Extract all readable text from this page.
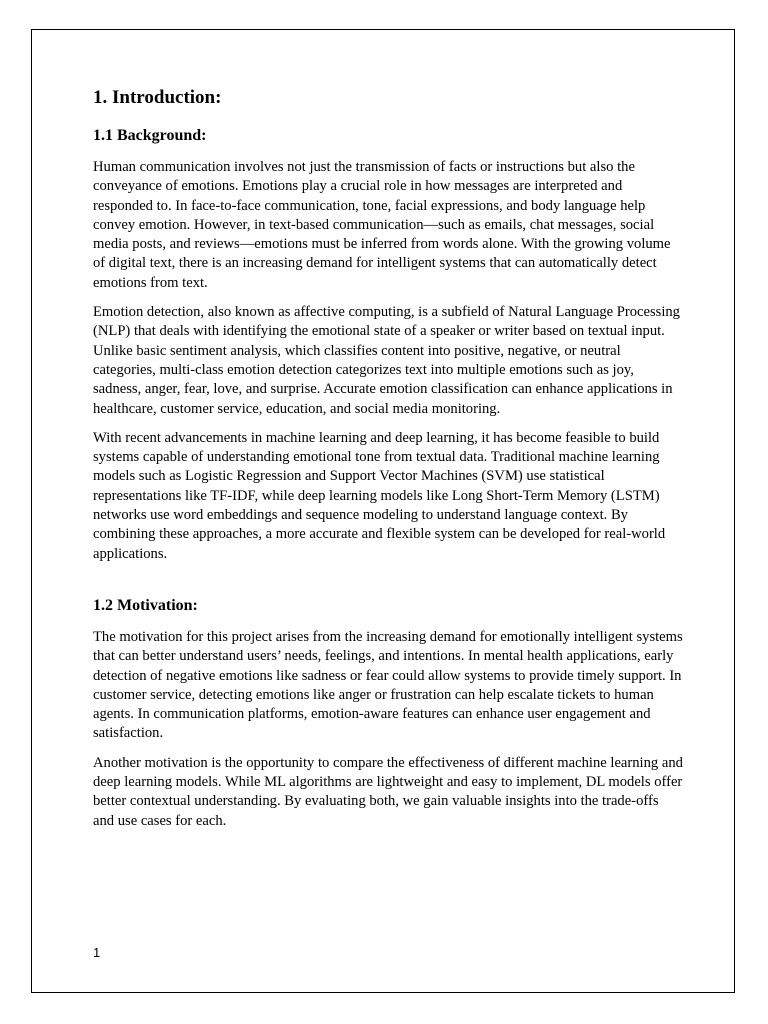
1. Introduction:
1.1 Background:

Human communication involves not just the transmission of facts or instructions but also the conveyance of emotions. Emotions play a crucial role in how messages are interpreted and responded to. In face-to-face communication, tone, facial expressions, and body language help convey emotion. However, in text-based communication—such as emails, chat messages, social media posts, and reviews—emotions must be inferred from words alone. With the growing volume of digital text, there is an increasing demand for intelligent systems that can automatically detect emotions from text.

Emotion detection, also known as affective computing, is a subfield of Natural Language Processing (NLP) that deals with identifying the emotional state of a speaker or writer based on textual input. Unlike basic sentiment analysis, which classifies content into positive, negative, or neutral categories, multi-class emotion detection categorizes text into multiple emotions such as joy, sadness, anger, fear, love, and surprise. Accurate emotion classification can enhance applications in healthcare, customer service, education, and social media monitoring.

With recent advancements in machine learning and deep learning, it has become feasible to build systems capable of understanding emotional tone from textual data. Traditional machine learning models such as Logistic Regression and Support Vector Machines (SVM) use statistical representations like TF-IDF, while deep learning models like Long Short-Term Memory (LSTM) networks use word embeddings and sequence modeling to understand language context. By combining these approaches, a more accurate and flexible system can be developed for real-world applications.

1.2 Motivation:

The motivation for this project arises from the increasing demand for emotionally intelligent systems that can better understand users’ needs, feelings, and intentions. In mental health applications, early detection of negative emotions like sadness or fear could allow systems to provide timely support. In customer service, detecting emotions like anger or frustration can help escalate tickets to human agents. In communication platforms, emotion-aware features can enhance user engagement and satisfaction.

Another motivation is the opportunity to compare the effectiveness of different machine learning and deep learning models. While ML algorithms are lightweight and easy to implement, DL models offer better contextual understanding. By evaluating both, we gain valuable insights into the trade-offs and use cases for each.

1
